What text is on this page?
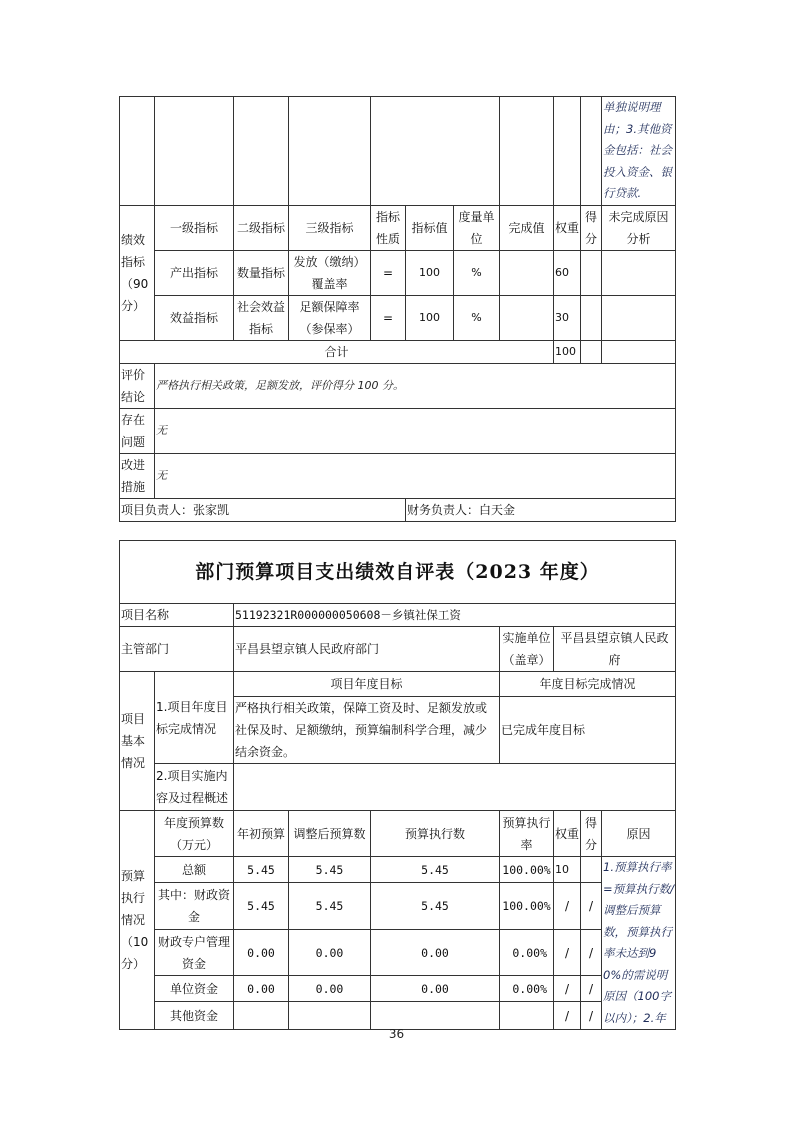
										单独说明理由；3.其他资金包括：社会投入资金、银行贷款.
绩效指标（90分）	一级指标	二级指标	三级指标	指标性质	指标值	度量单位	完成值	权重	得分	未完成原因分析
	产出指标	数量指标	发放（缴纳）覆盖率	=	100	%		60		
	效益指标	社会效益指标	足额保障率（参保率）	=	100	%		30		
合计								100		
评价结论	严格执行相关政策，足额发放，评价得分 100 分。									
存在问题	无									
改进措施	无									
项目负责人：张家凯					财务负责人：白天金					
部门预算项目支出绩效自评表（2023 年度）								
项目名称		51192321R000000050608－乡镇社保工资						
主管部门		平昌县望京镇人民政府部门			实施单位（盖章）	平昌县望京镇人民政府		
项目基本情况	1.项目年度目标完成情况	项目年度目标			年度目标完成情况			
		严格执行相关政策，保障工资及时、足额发放或社保及时、足额缴纳，预算编制科学合理，减少结余资金。			已完成年度目标			
	2.项目实施内容及过程概述							
预算执行情况（10分）	年度预算数（万元）	年初预算	调整后预算数	预算执行数	预算执行率	权重	得分	原因
	总额	5.45	5.45	5.45	100.00%	10		1.预算执行率=预算执行数/调整后预算数，预算执行率未达到90%的需说明原因（100字以内）；2.年
	其中：财政资金	5.45	5.45	5.45	100.00%	/	/	
	财政专户管理资金	0.00	0.00	0.00	0.00%	/	/	
	单位资金	0.00	0.00	0.00	0.00%	/	/	
	其他资金					/	/	
36
